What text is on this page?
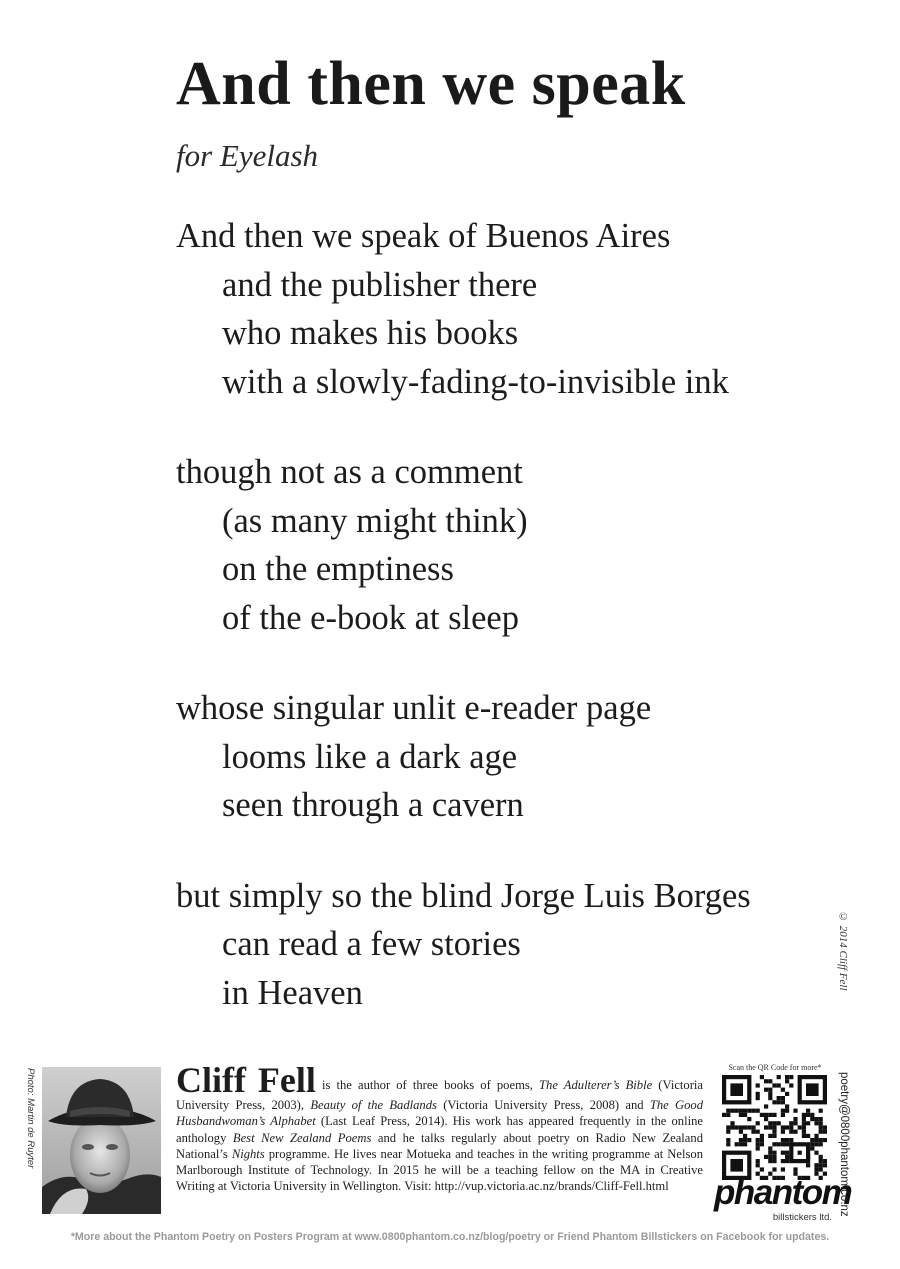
And then we speak
for Eyelash
And then we speak of Buenos Aires
and the publisher there
who makes his books
with a slowly-fading-to-invisible ink
though not as a comment
(as many might think)
on the emptiness
of the e-book at sleep
whose singular unlit e-reader page
looms like a dark age
seen through a cavern
but simply so the blind Jorge Luis Borges
can read a few stories
in Heaven
© 2014 Cliff Fell
Photo: Martin de Ruyter	Cliff Fell is the author of three books of poems, The Adulterer’s Bible (Victoria University Press, 2003), Beauty of the Badlands (Victoria University Press, 2008) and The Good Husbandwoman’s Alphabet (Last Leaf Press, 2014). His work has appeared frequently in the online anthology Best New Zealand Poems and he talks regularly about poetry on Radio New Zealand National’s Nights programme. He lives near Motueka and teaches in the writing programme at Nelson Marlborough Institute of Technology. In 2015 he will be a teaching fellow on the MA in Creative Writing at Victoria University in Wellington. Visit: http://vup.victoria.ac.nz/brands/Cliff-Fell.html
Scan the QR Code for more*
phantom
billstickers ltd.
poetry@0800phantom.co.nz
*More about the Phantom Poetry on Posters Program at www.0800phantom.co.nz/blog/poetry or Friend Phantom Billstickers on Facebook for updates.
